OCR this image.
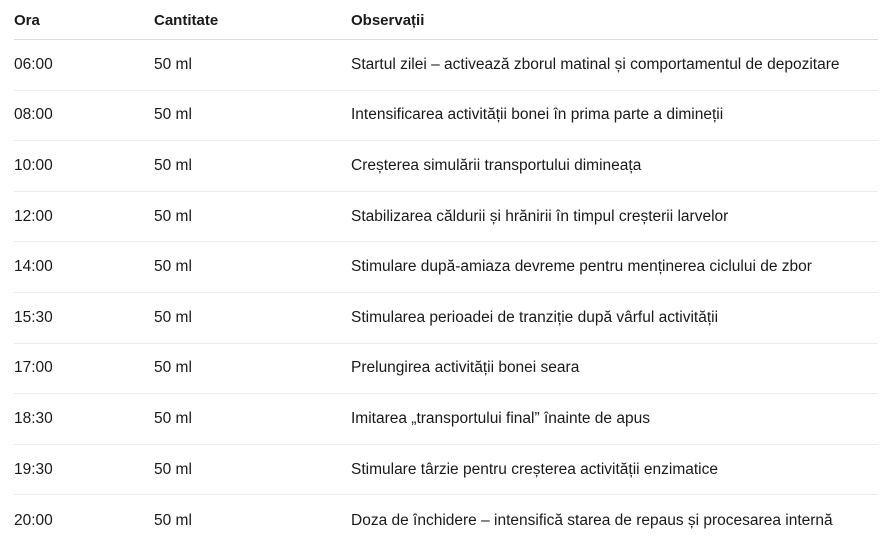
Ora	Cantitate	Observații
06:00	50 ml	Startul zilei – activează zborul matinal și comportamentul de depozitare
08:00	50 ml	Intensificarea activității bonei în prima parte a dimineții
10:00	50 ml	Creșterea simulării transportului dimineața
12:00	50 ml	Stabilizarea căldurii și hrănirii în timpul creșterii larvelor
14:00	50 ml	Stimulare după-amiaza devreme pentru menținerea ciclului de zbor
15:30	50 ml	Stimularea perioadei de tranziție după vârful activității
17:00	50 ml	Prelungirea activității bonei seara
18:30	50 ml	Imitarea „transportului final” înainte de apus
19:30	50 ml	Stimulare târzie pentru creșterea activității enzimatice
20:00	50 ml	Doza de închidere – intensifică starea de repaus și procesarea internă
